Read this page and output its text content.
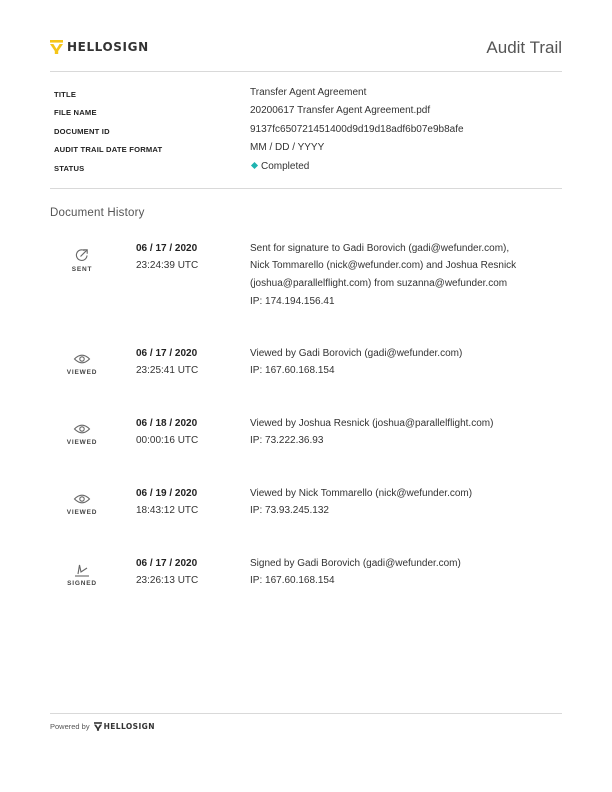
HELLOSIGN	Audit Trail
TITLE	Transfer Agent Agreement
FILE NAME	20200617 Transfer Agent Agreement.pdf
DOCUMENT ID	9137fc650721451400d9d19d18adf6b07e9b8afe
AUDIT TRAIL DATE FORMAT	MM / DD / YYYY
STATUS	Completed
Document History
SENT
06 / 17 / 2020
23:24:39 UTC
Sent for signature to Gadi Borovich (gadi@wefunder.com),
Nick Tommarello (nick@wefunder.com) and Joshua Resnick
(joshua@parallelflight.com) from suzanna@wefunder.com
IP: 174.194.156.41
VIEWED
06 / 17 / 2020
23:25:41 UTC
Viewed by Gadi Borovich (gadi@wefunder.com)
IP: 167.60.168.154
VIEWED
06 / 18 / 2020
00:00:16 UTC
Viewed by Joshua Resnick (joshua@parallelflight.com)
IP: 73.222.36.93
VIEWED
06 / 19 / 2020
18:43:12 UTC
Viewed by Nick Tommarello (nick@wefunder.com)
IP: 73.93.245.132
SIGNED
06 / 17 / 2020
23:26:13 UTC
Signed by Gadi Borovich (gadi@wefunder.com)
IP: 167.60.168.154
Powered by HELLOSIGN
